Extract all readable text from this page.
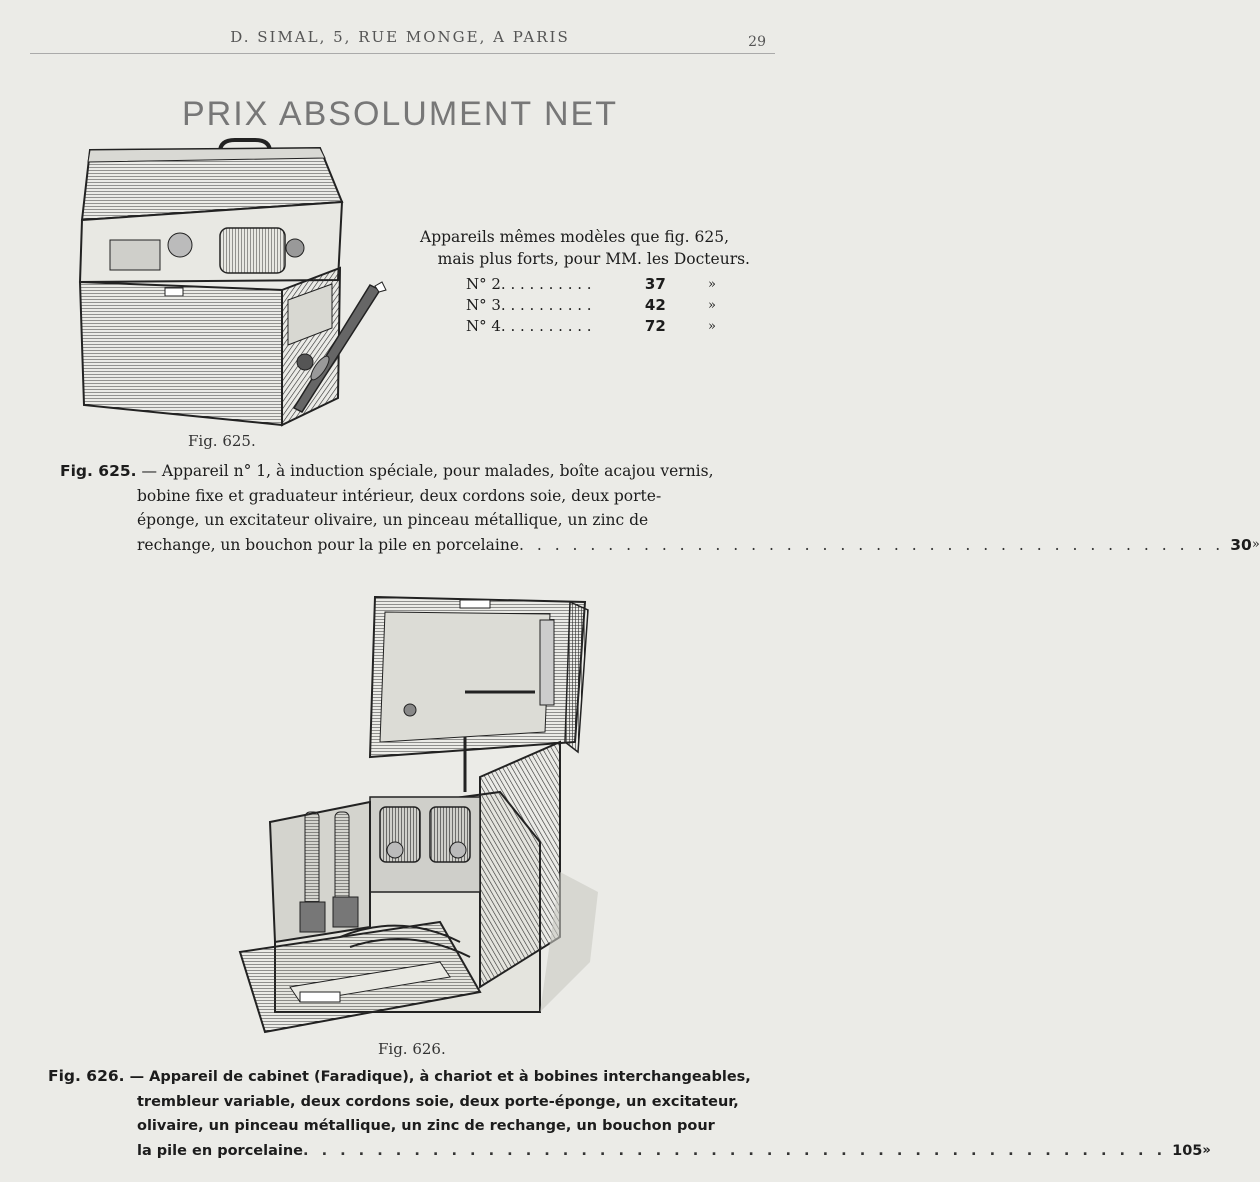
D. SIMAL, 5, RUE MONGE, A PARIS	29
PRIX ABSOLUMENT NET
Fig. 625.
Appareils mêmes modèles que fig. 625,
mais plus forts, pour MM. les Docteurs.
N° 2. . . . . . . . . .	37	»
N° 3. . . . . . . . . .	42	»
N° 4. . . . . . . . . .	72	»
Fig. 625. — Appareil n° 1, à induction spéciale, pour malades, boîte acajou vernis,
bobine fixe et graduateur intérieur, deux cordons soie, deux porte-
éponge, un excitateur olivaire, un pinceau métallique, un zinc de
rechange, un bouchon pour la pile en porcelaine . . . . . . . . . . . . . . . . . . . . . . . . . . . . . . . . . . . . . . . . 30 »
Fig. 626.
Fig. 626. — Appareil de cabinet (Faradique), à chariot et à bobines interchangeables,
trembleur variable, deux cordons soie, deux porte-éponge, un excitateur,
olivaire, un pinceau métallique, un zinc de rechange, un bouchon pour
la pile en porcelaine . . . . . . . . . . . . . . . . . . . . . . . . . . . . . . . . . . . . . . . . . . . . . . . 105 »
